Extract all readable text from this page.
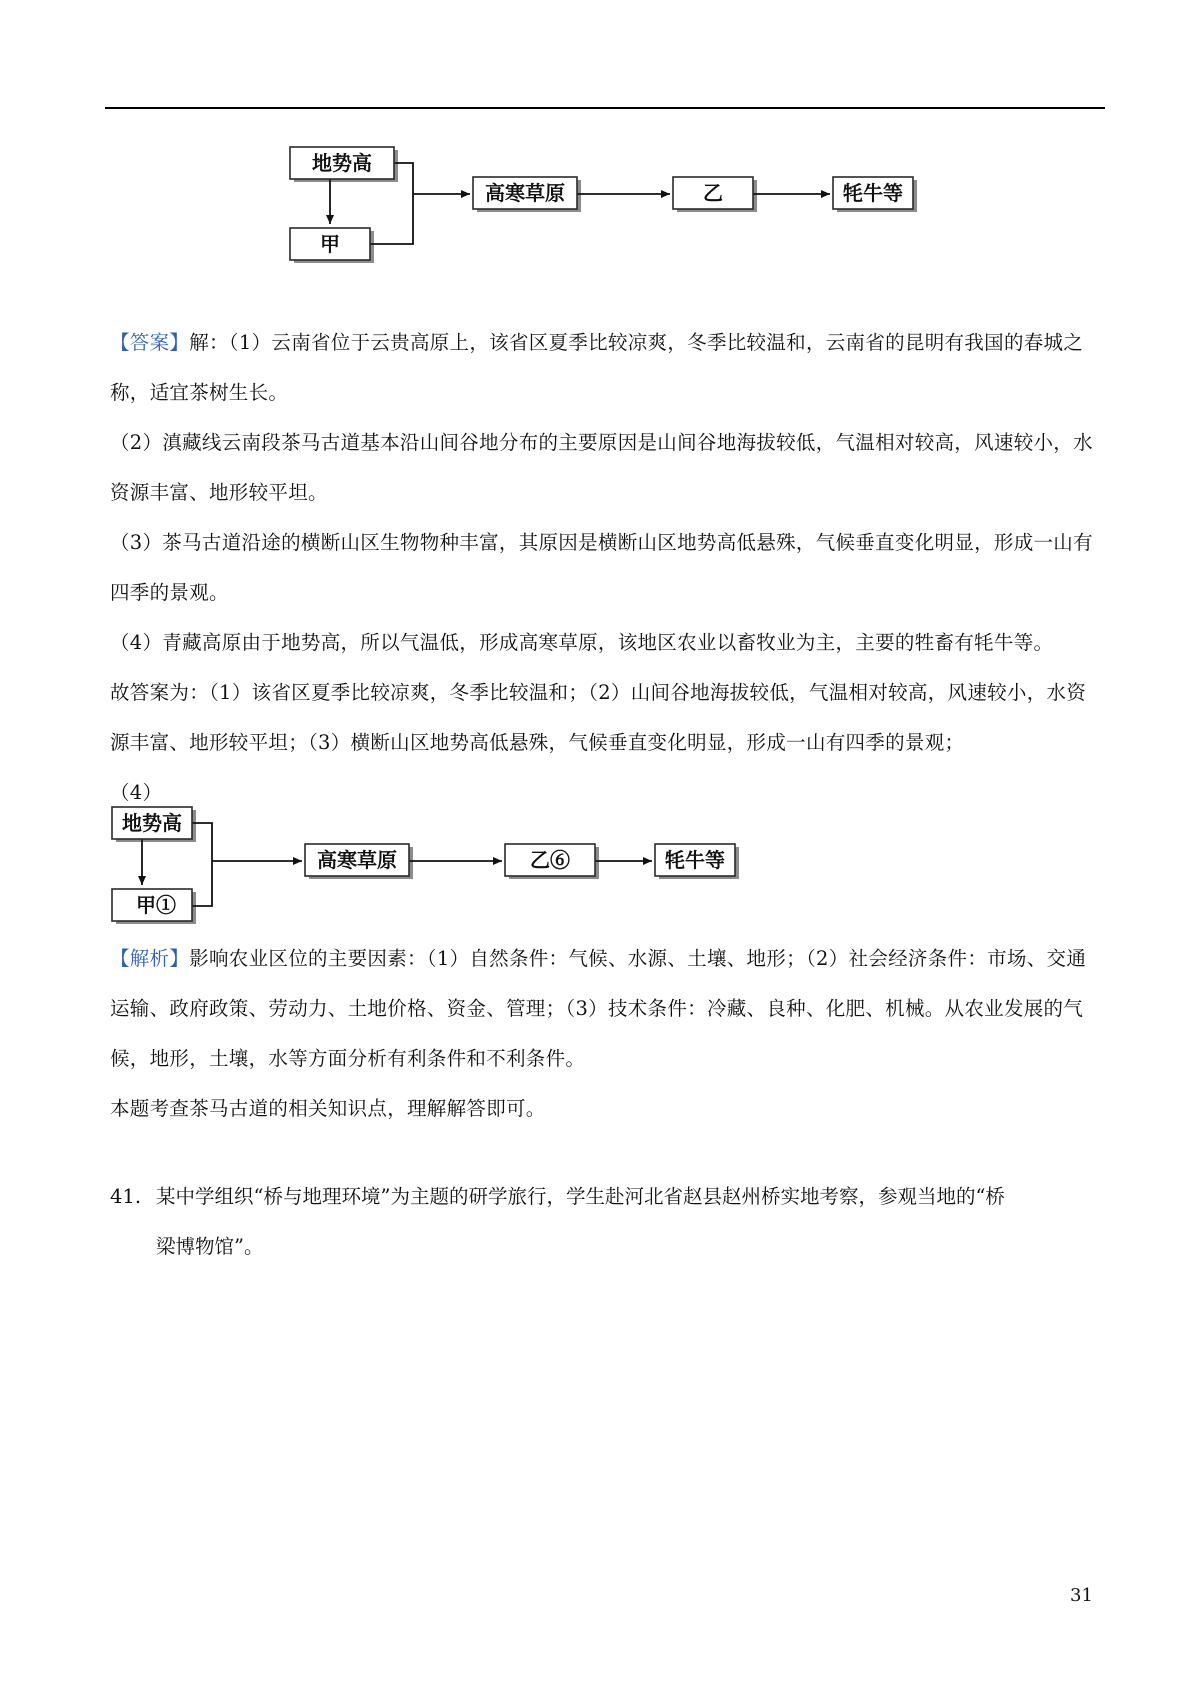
地势高
甲
高寒草原	乙	牦牛等

【答案】解：（1）云南省位于云贵高原上，该省区夏季比较凉爽，冬季比较温和，云南省的昆明有我国的春城之称，适宜茶树生长。

（2）滇藏线云南段茶马古道基本沿山间谷地分布的主要原因是山间谷地海拔较低，气温相对较高，风速较小，水资源丰富、地形较平坦。

（3）茶马古道沿途的横断山区生物物种丰富，其原因是横断山区地势高低悬殊，气候垂直变化明显，形成一山有四季的景观。

（4）青藏高原由于地势高，所以气温低，形成高寒草原，该地区农业以畜牧业为主，主要的牲畜有牦牛等。

故答案为：（1）该省区夏季比较凉爽，冬季比较温和；（2）山间谷地海拔较低，气温相对较高，风速较小，水资源丰富、地形较平坦；（3）横断山区地势高低悬殊，气候垂直变化明显，形成一山有四季的景观；

（4）

地势高
甲①
高寒草原	乙⑥	牦牛等

【解析】影响农业区位的主要因素：（1）自然条件：气候、水源、土壤、地形；（2）社会经济条件：市场、交通运输、政府政策、劳动力、土地价格、资金、管理；（3）技术条件：冷藏、良种、化肥、机械。从农业发展的气候，地形，土壤，水等方面分析有利条件和不利条件。

本题考查茶马古道的相关知识点，理解解答即可。

41. 某中学组织“桥与地理环境”为主题的研学旅行，学生赴河北省赵县赵州桥实地考察，参观当地的“桥
梁博物馆”。
31
